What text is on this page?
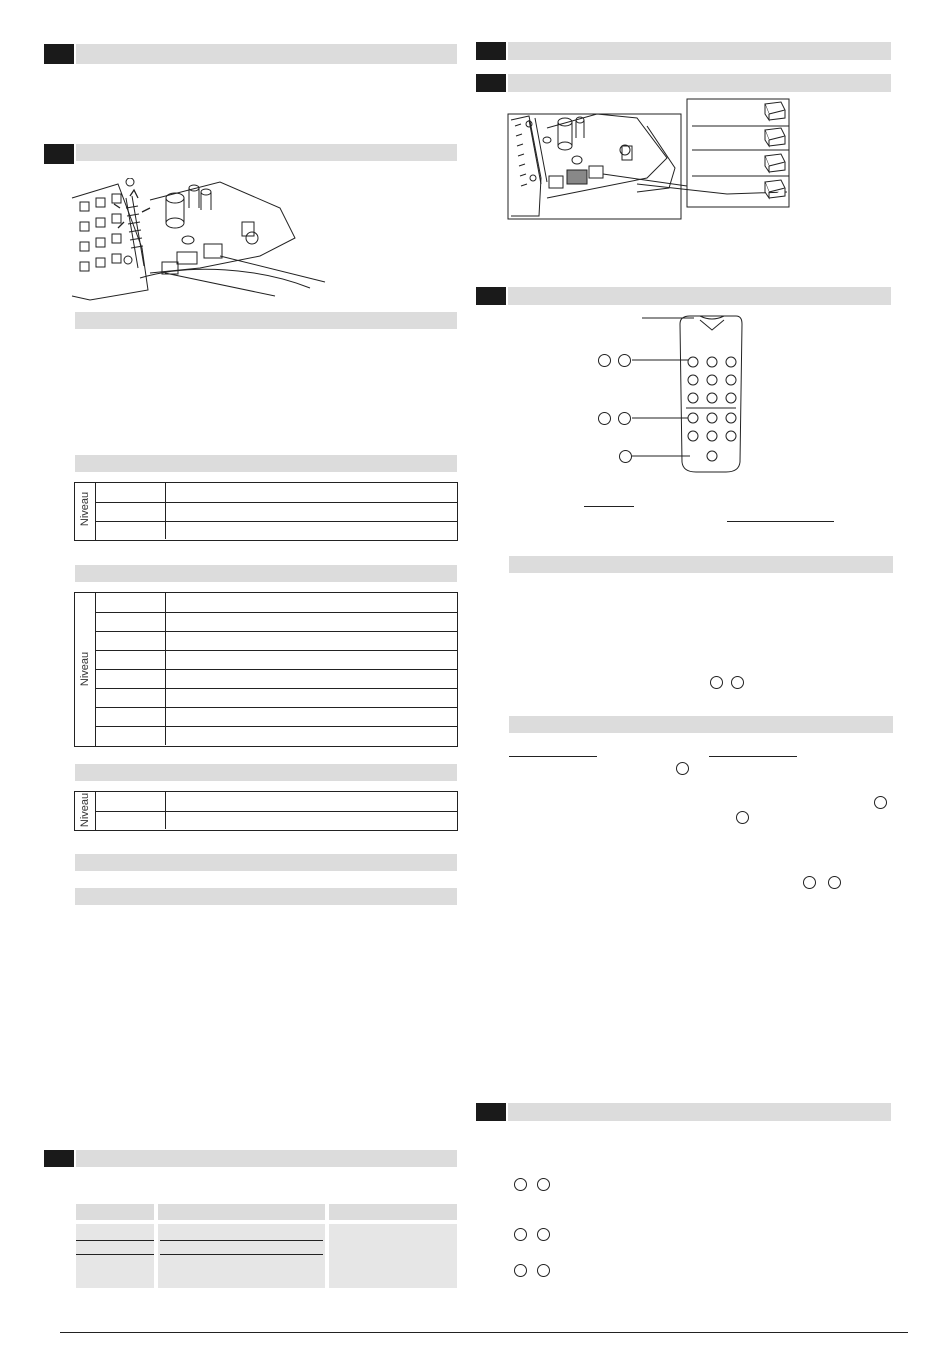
Niveau
Niveau
Niveau
